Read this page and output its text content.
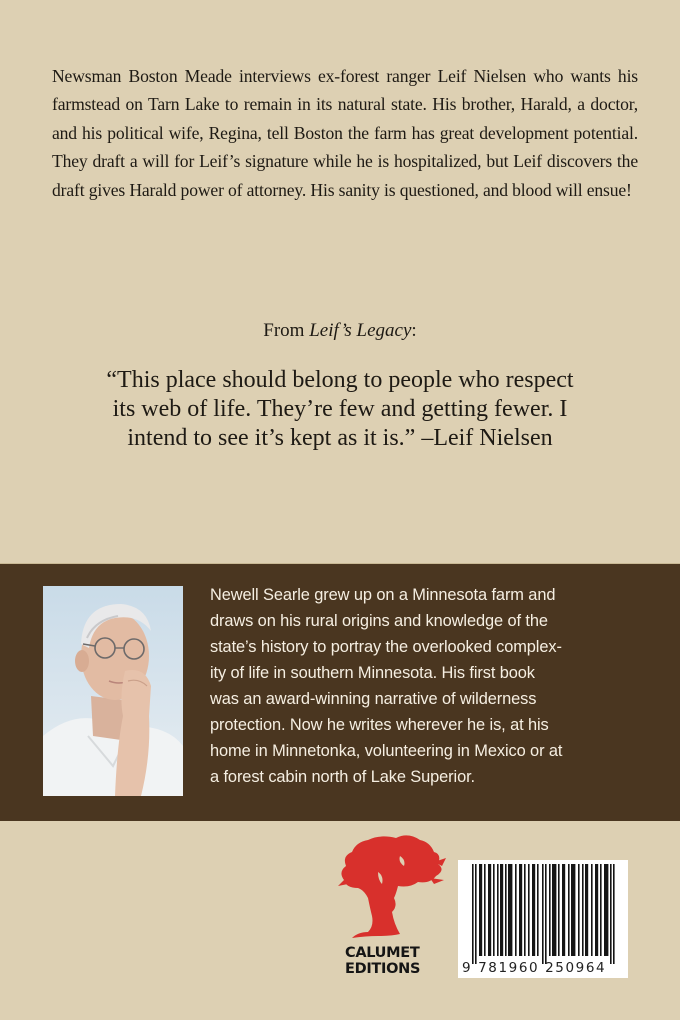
Newsman Boston Meade interviews ex-forest ranger Leif Nielsen who wants his farmstead on Tarn Lake to remain in its natural state. His brother, Harald, a doctor, and his political wife, Regina, tell Boston the farm has great development potential. They draft a will for Leif’s signature while he is hospitalized, but Leif discovers the draft gives Harald power of attorney. His sanity is questioned, and blood will ensue!

From Leif’s Legacy:
“This place should belong to people who respect
its web of life. They’re few and getting fewer. I
intend to see it’s kept as it is.” –Leif Nielsen
Newell Searle grew up on a Minnesota farm and
draws on his rural origins and knowledge of the
state’s history to portray the overlooked complex-
ity of life in southern Minnesota. His first book
was an award-winning narrative of wilderness
protection. Now he writes wherever he is, at his
home in Minnetonka, volunteering in Mexico or at
a forest cabin north of Lake Superior.
CALUMET
EDITIONS	9 781960 250964
